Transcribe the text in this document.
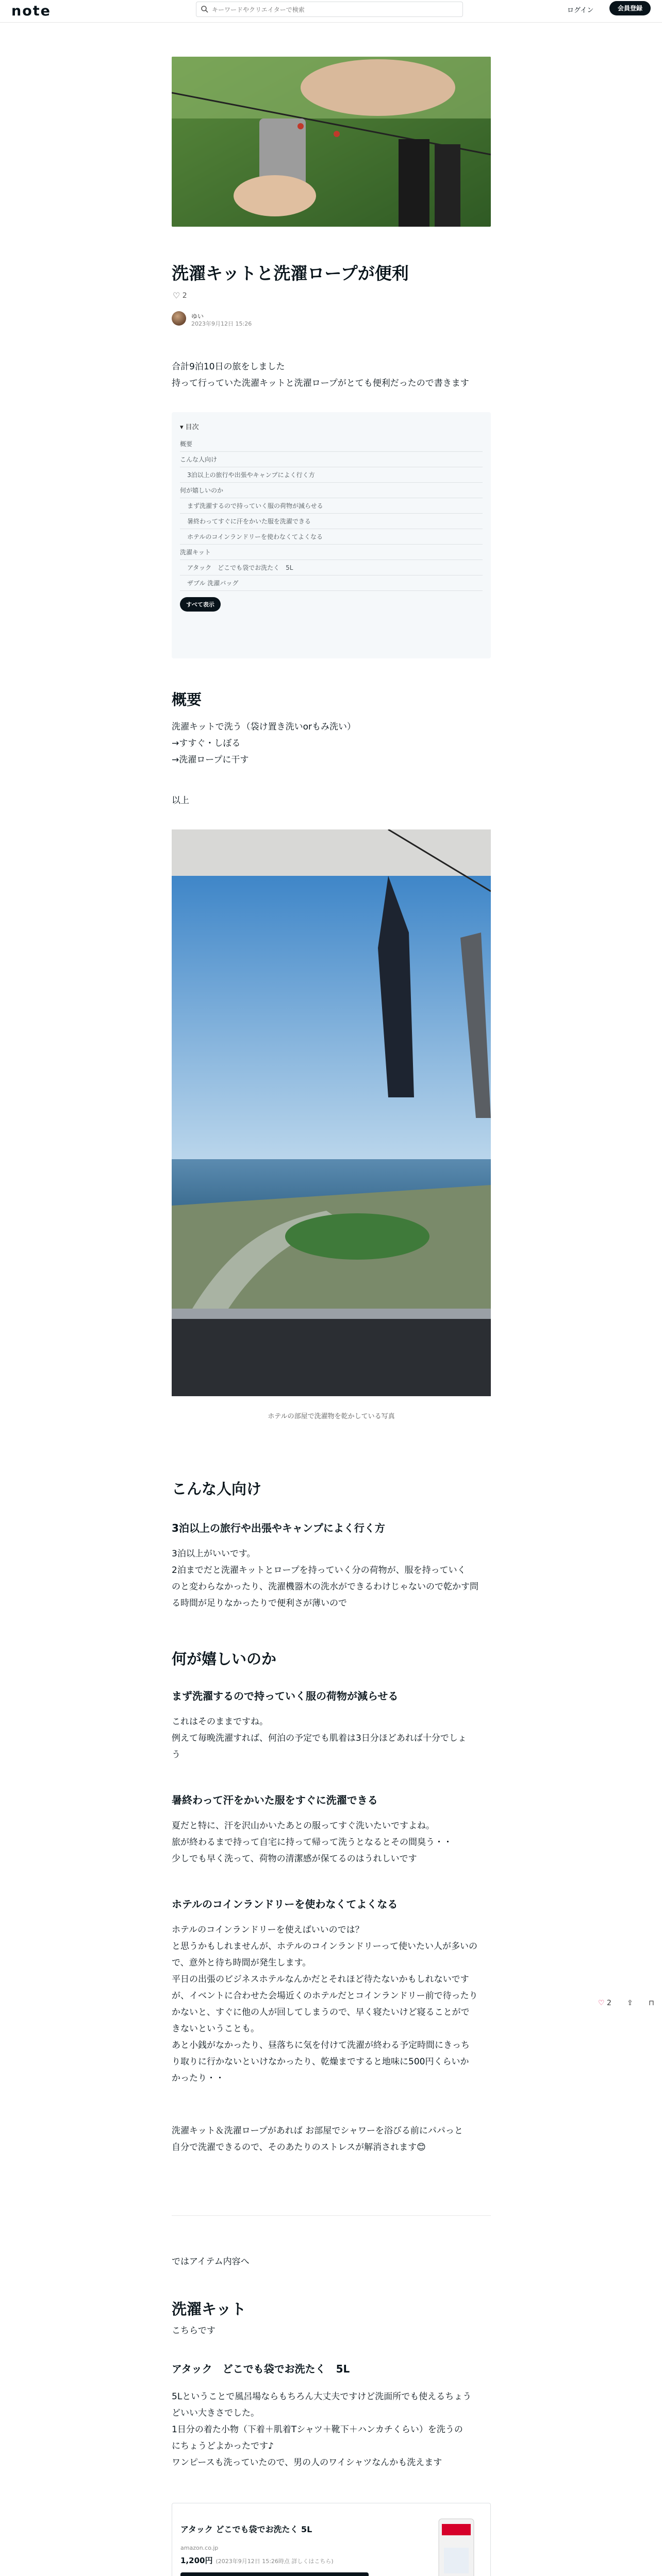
note
キーワードやクリエイターで検索	ログイン	会員登録
洗濯キットと洗濯ロープが便利
♡ 2
ゆい
2023年9月12日 15:26
合計9泊10日の旅をしました
持って行っていた洗濯キットと洗濯ロープがとても便利だったので書きます
▾ 目次
概要
こんな人向け
3泊以上の旅行や出張やキャンプによく行く方
何が嬉しいのか
まず洗濯するので持っていく服の荷物が減らせる
暑終わってすぐに汗をかいた服を洗濯できる
ホテルのコインランドリーを使わなくてよくなる
洗濯キット
アタック　どこでも袋でお洗たく　5L
ザブル 洗濯バッグ
すべて表示
概要
洗濯キットで洗う（袋け置き洗いorもみ洗い）
→すすぐ・しぼる
→洗濯ロープに干す
以上
ホテルの部屋で洗濯物を乾かしている写真
こんな人向け
3泊以上の旅行や出張やキャンプによく行く方
3泊以上がいいです。
2泊までだと洗濯キットとロープを持っていく分の荷物が、服を持っていく
のと変わらなかったり、洗濯機器木の洗水ができるわけじゃないので乾かす問
る時間が足りなかったりで便利さが薄いので
何が嬉しいのか
まず洗濯するので持っていく服の荷物が減らせる
これはそのままですね。
例えて毎晩洗濯すれば、何泊の予定でも肌着は3日分ほどあれば十分でしょ
う
暑終わって汗をかいた服をすぐに洗濯できる
夏だと特に、汗を沢山かいたあとの服ってすぐ洗いたいですよね。
旅が終わるまで持って自宅に持って帰って洗うとなるとその間臭う・・
少しでも早く洗って、荷物の清潔感が保てるのはうれしいです
ホテルのコインランドリーを使わなくてよくなる
ホテルのコインランドリーを使えばいいのでは？
と思うかもしれませんが、ホテルのコインランドリーって使いたい人が多いの
で、意外と待ち時間が発生します。
平日の出張のビジネスホテルなんかだとそれほど待たないかもしれないです
が、イベントに合わせた会場近くのホテルだとコインランドリー前で待ったり
かないと、すぐに他の人が回してしまうので、早く寝たいけど寝ることがで
きないということも。
あと小銭がなかったり、昼落ちに気を付けて洗濯が終わる予定時間にきっち
り取りに行かないといけなかったり、乾燥まですると地味に500円くらいか
かったり・・
洗濯キット＆洗濯ロープがあれば お部屋でシャワーを浴びる前にパパっと
自分で洗濯できるので、そのあたりのストレスが解消されます😊
♡ 2 ⇪ ⊓
ではアイテム内容へ
洗濯キット
こちらです
アタック　どこでも袋でお洗たく　5L
5Lということで風呂場ならもちろん大丈夫ですけど洗面所でも使えるちょう
どいい大きさでした。
1日分の着た小物（下着＋肌着Tシャツ＋靴下＋ハンカチくらい）を洗うの
にちょうどよかったです♪
ワンピースも洗っていたので、男の人のワイシャツなんかも洗えます
アタック どこでも袋でお洗たく 5L
amazon.co.jp
1,200円 (2023年9月12日 15:26時点 詳しくはこちら)
